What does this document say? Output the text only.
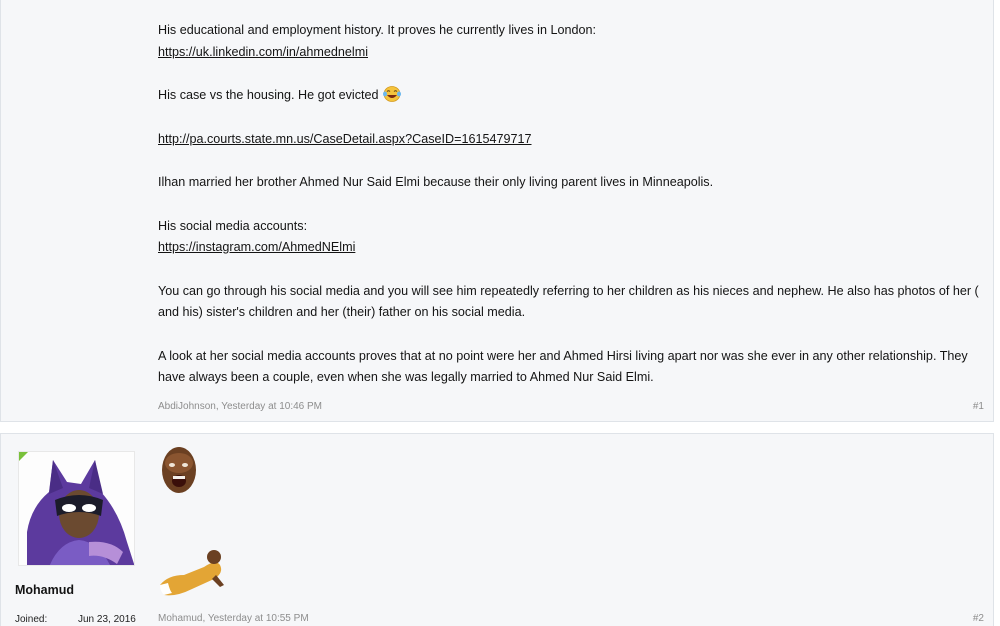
His educational and employment history. It proves he currently lives in London:

https://uk.linkedin.com/in/ahmednelmi

His case vs the housing. He got evicted

http://pa.courts.state.mn.us/CaseDetail.aspx?CaseID=1615479717

Ilhan married her brother Ahmed Nur Said Elmi because their only living parent lives in Minneapolis.

His social media accounts:

https://instagram.com/AhmedNElmi

You can go through his social media and you will see him repeatedly referring to her children as his nieces and nephew. He also has photos of her ( and his) sister's children and her (their) father on his social media.

A look at her social media accounts proves that at no point were her and Ahmed Hirsi living apart nor was she ever in any other relationship. They have always been a couple, even when she was legally married to Ahmed Nur Said Elmi.

AbdiJohnson, Yesterday at 10:46 PM	#1
Mohamud
Joined:	Jun 23, 2016 Mohamud, Yesterday at 10:55 PM	#2
